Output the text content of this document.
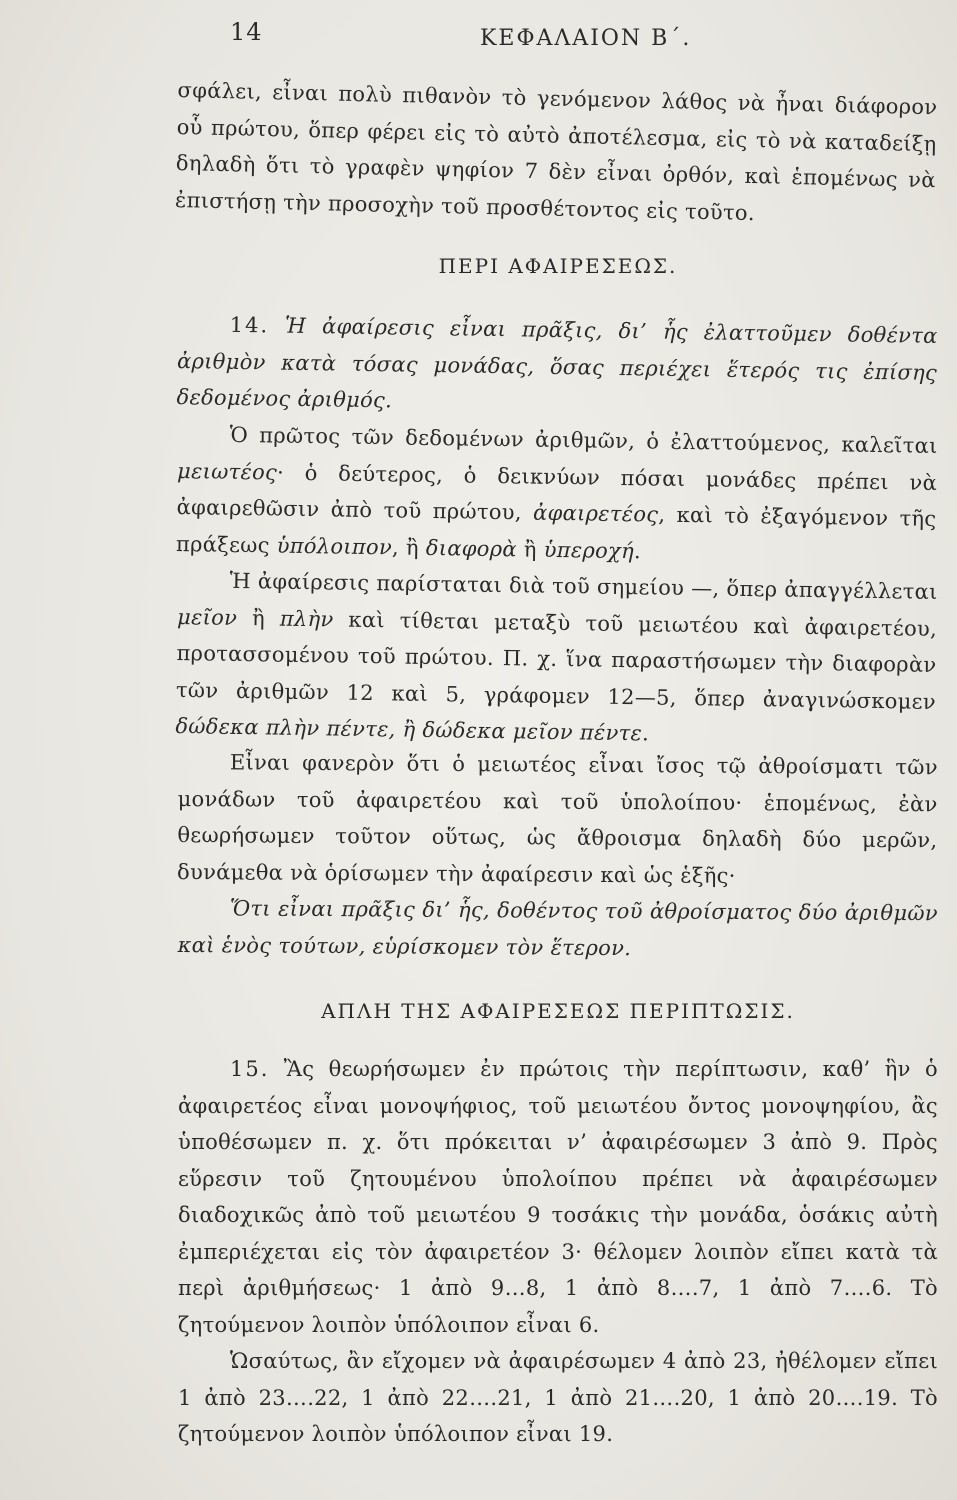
14	ΚΕΦΑΛΑΙΟΝ Β΄.

σφάλει, εἶναι πολὺ πιθανὸν τὸ γενόμενον λάθος νὰ ἦναι διάφορον οὗ πρώτου, ὅπερ φέρει εἰς τὸ αὐτὸ ἀποτέλεσμα, εἰς τὸ νὰ καταδείξῃ δηλαδὴ ὅτι τὸ γραφὲν ψηφίον 7 δὲν εἶναι ὀρθόν, καὶ ἑπομένως νὰ ἐπιστήσῃ τὴν προσοχὴν τοῦ προσθέτοντος εἰς τοῦτο.

ΠΕΡΙ ΑΦΑΙΡΕΣΕΩΣ.

14. Ἡ ἀφαίρεσις εἶναι πρᾶξις, δι’ ἧς ἐλαττοῦμεν δοθέντα ἀριθμὸν κατὰ τόσας μονάδας, ὅσας περιέχει ἕτερός τις ἐπίσης δεδομένος ἀριθμός.

Ὁ πρῶτος τῶν δεδομένων ἀριθμῶν, ὁ ἐλαττούμενος, καλεῖται μειωτέος· ὁ δεύτερος, ὁ δεικνύων πόσαι μονάδες πρέπει νὰ ἀφαιρεθῶσιν ἀπὸ τοῦ πρώτου, ἀφαιρετέος, καὶ τὸ ἐξαγόμενον τῆς πράξεως ὑπόλοιπον, ἢ διαφορὰ ἢ ὑπεροχή.

Ἡ ἀφαίρεσις παρίσταται διὰ τοῦ σημείου —, ὅπερ ἀπαγγέλλεται μεῖον ἢ πλὴν καὶ τίθεται μεταξὺ τοῦ μειωτέου καὶ ἀφαιρετέου, προτασσομένου τοῦ πρώτου. Π. χ. ἵνα παραστήσωμεν τὴν διαφορὰν τῶν ἀριθμῶν 12 καὶ 5, γράφομεν 12—5, ὅπερ ἀναγινώσκομεν δώδεκα πλὴν πέντε, ἢ δώδεκα μεῖον πέντε.

Εἶναι φανερὸν ὅτι ὁ μειωτέος εἶναι ἴσος τῷ ἀθροίσματι τῶν μονάδων τοῦ ἀφαιρετέου καὶ τοῦ ὑπολοίπου· ἑπομένως, ἐὰν θεωρήσωμεν τοῦτον οὕτως, ὡς ἄθροισμα δηλαδὴ δύο μερῶν, δυνάμεθα νὰ ὁρίσωμεν τὴν ἀφαίρεσιν καὶ ὡς ἑξῆς·

Ὅτι εἶναι πρᾶξις δι’ ἧς, δοθέντος τοῦ ἀθροίσματος δύο ἀριθμῶν καὶ ἑνὸς τούτων, εὑρίσκομεν τὸν ἕτερον.

ΑΠΛΗ ΤΗΣ ΑΦΑΙΡΕΣΕΩΣ ΠΕΡΙΠΤΩΣΙΣ.

15. Ἂς θεωρήσωμεν ἐν πρώτοις τὴν περίπτωσιν, καθ’ ἣν ὁ ἀφαιρετέος εἶναι μονοψήφιος, τοῦ μειωτέου ὄντος μονοψηφίου, ἂς ὑποθέσωμεν π. χ. ὅτι πρόκειται ν’ ἀφαιρέσωμεν 3 ἀπὸ 9. Πρὸς εὕρεσιν τοῦ ζητουμένου ὑπολοίπου πρέπει νὰ ἀφαιρέσωμεν διαδοχικῶς ἀπὸ τοῦ μειωτέου 9 τοσάκις τὴν μονάδα, ὁσάκις αὐτὴ ἐμπεριέχεται εἰς τὸν ἀφαιρετέον 3· θέλομεν λοιπὸν εἴπει κατὰ τὰ περὶ ἀριθμήσεως· 1 ἀπὸ 9…8, 1 ἀπὸ 8….7, 1 ἀπὸ 7….6. Τὸ ζητούμενον λοιπὸν ὑπόλοιπον εἶναι 6.

Ὡσαύτως, ἂν εἴχομεν νὰ ἀφαιρέσωμεν 4 ἀπὸ 23, ἠθέλομεν εἴπει 1 ἀπὸ 23….22, 1 ἀπὸ 22….21, 1 ἀπὸ 21….20, 1 ἀπὸ 20….19. Τὸ ζητούμενον λοιπὸν ὑπόλοιπον εἶναι 19.
